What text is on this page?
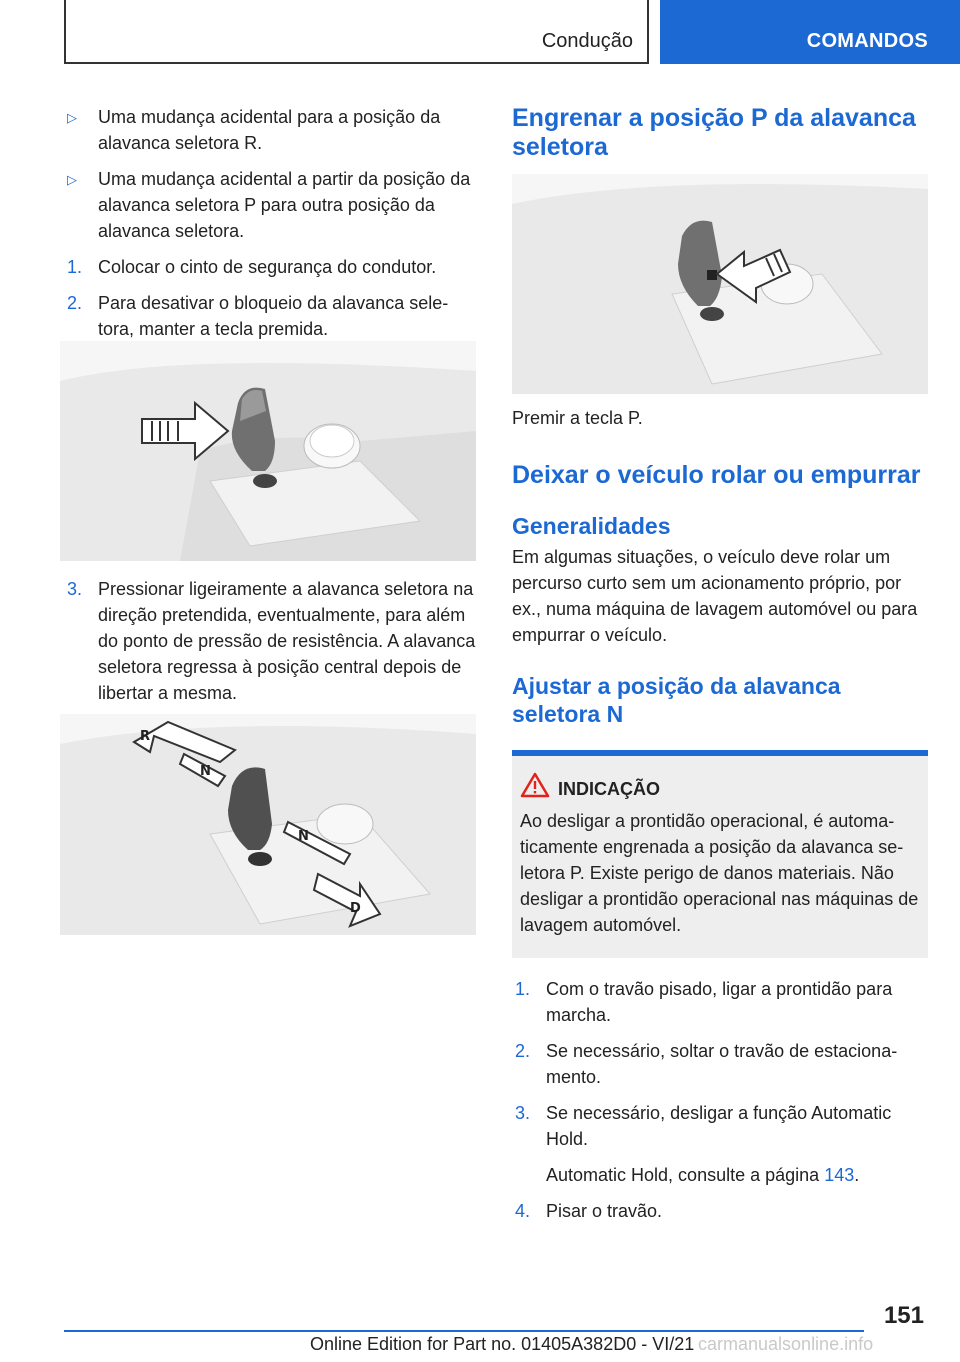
Condução	COMANDOS
▷ Uma mudança acidental para a posição da alavanca seletora R.
▷ Uma mudança acidental a partir da posição da alavanca seletora P para outra posição da alavanca seletora.
1. Colocar o cinto de segurança do condutor.
2. Para desativar o bloqueio da alavanca sele‐tora, manter a tecla premida.
3. Pressionar ligeiramente a alavanca seletora na direção pretendida, eventualmente, para além do ponto de pressão de resistência. A alavanca seletora regressa à posição central depois de libertar a mesma.
R
N
N
D
Engrenar a posição P da alavanca seletora

Premir a tecla P.

Deixar o veículo rolar ou empurrar
Generalidades

Em algumas situações, o veículo deve rolar um percurso curto sem um acionamento próprio, por ex., numa máquina de lavagem automóvel ou para empurrar o veículo.

Ajustar a posição da alavanca seletora N
INDICAÇÃO

Ao desligar a prontidão operacional, é automa‐ticamente engrenada a posição da alavanca se‐letora P. Existe perigo de danos materiais. Não desligar a prontidão operacional nas máquinas de lavagem automóvel.

1. Com o travão pisado, ligar a prontidão para marcha.
2. Se necessário, soltar o travão de estaciona‐mento.
3. Se necessário, desligar a função Automatic Hold.
Automatic Hold, consulte a página 143.
4. Pisar o travão.
151
Online Edition for Part no. 01405A382D0 - VI/21 carmanualsonline.info
